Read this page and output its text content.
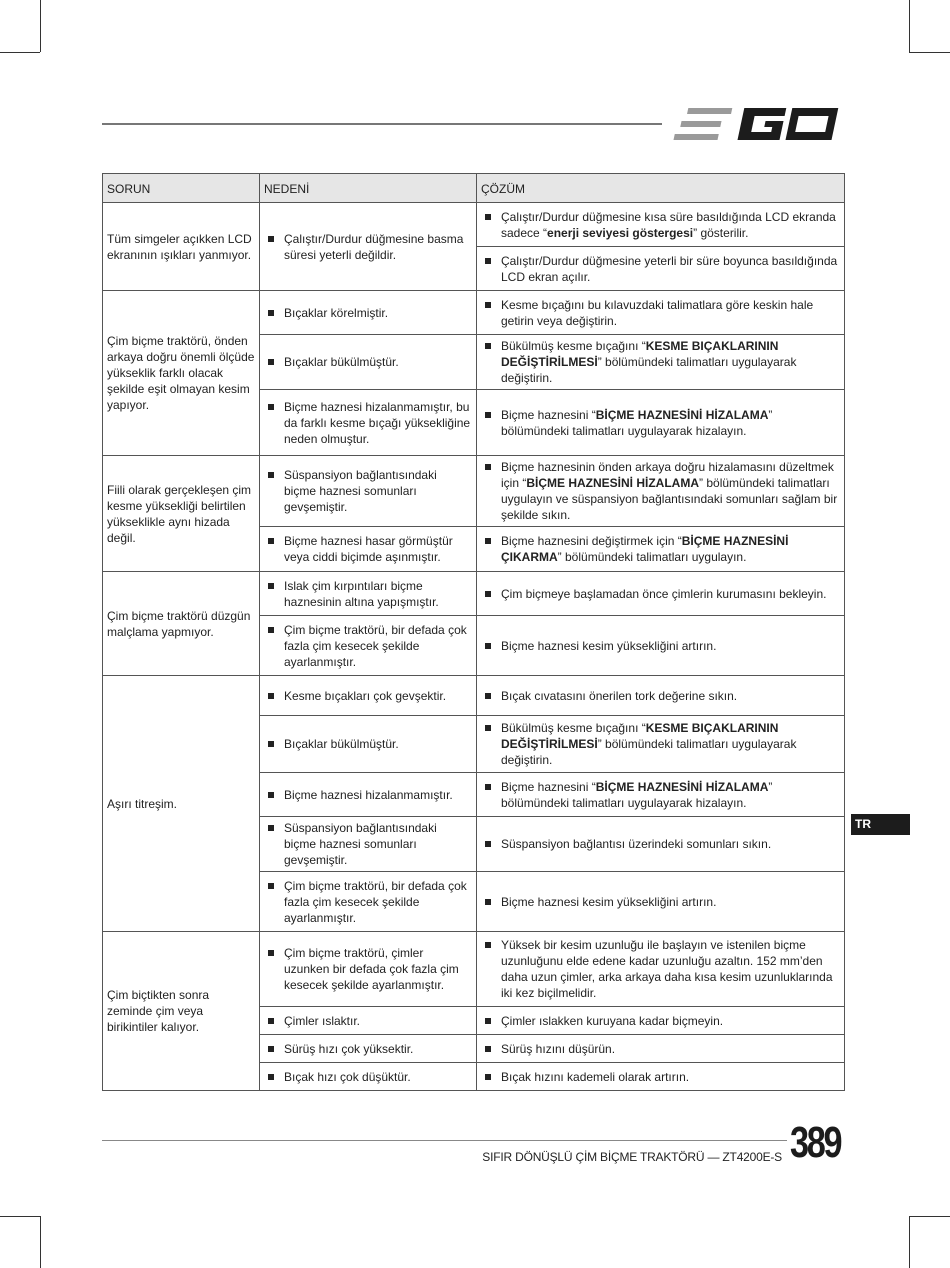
SORUN	NEDENİ	ÇÖZÜM
Tüm simgeler açıkken LCD ekranının ışıkları yanmıyor.	Çalıştır/Durdur düğmesine basma süresi yeterli değildir.	Çalıştır/Durdur düğmesine kısa süre basıldığında LCD ekranda sadece “enerji seviyesi göstergesi” gösterilir.

		Çalıştır/Durdur düğmesine yeterli bir süre boyunca basıldığında LCD ekran açılır.

Çim biçme traktörü, önden arkaya doğru önemli ölçüde yükseklik farklı olacak şekilde eşit olmayan kesim yapıyor.	Bıçaklar körelmiştir.	Kesme bıçağını bu kılavuzdaki talimatlara göre keskin hale getirin veya değiştirin.

	Bıçaklar bükülmüştür.	Bükülmüş kesme bıçağını “KESME BIÇAKLARININ DEĞİŞTİRİLMESİ” bölümündeki talimatları uygulayarak değiştirin.

	Biçme haznesi hizalanmamıştır, bu da farklı kesme bıçağı yüksekliğine neden olmuştur.	Biçme haznesini “BİÇME HAZNESİNİ HİZALAMA” bölümündeki talimatları uygulayarak hizalayın.

Fiili olarak gerçekleşen çim kesme yüksekliği belirtilen yükseklikle aynı hizada değil.	Süspansiyon bağlantısındaki biçme haznesi somunları gevşemiştir.	Biçme haznesinin önden arkaya doğru hizalamasını düzeltmek için “BİÇME HAZNESİNİ HİZALAMA” bölümündeki talimatları uygulayın ve süspansiyon bağlantısındaki somunları sağlam bir şekilde sıkın.

	Biçme haznesi hasar görmüştür veya ciddi biçimde aşınmıştır.	Biçme haznesini değiştirmek için “BİÇME HAZNESİNİ ÇIKARMA” bölümündeki talimatları uygulayın.

Çim biçme traktörü düzgün malçlama yapmıyor.	Islak çim kırpıntıları biçme haznesinin altına yapışmıştır.	Çim biçmeye başlamadan önce çimlerin kurumasını bekleyin.

	Çim biçme traktörü, bir defada çok fazla çim kesecek şekilde ayarlanmıştır.	Biçme haznesi kesim yüksekliğini artırın.

Aşırı titreşim.	Kesme bıçakları çok gevşektir.	Bıçak cıvatasını önerilen tork değerine sıkın.

	Bıçaklar bükülmüştür.	Bükülmüş kesme bıçağını “KESME BIÇAKLARININ DEĞİŞTİRİLMESİ” bölümündeki talimatları uygulayarak değiştirin.

	Biçme haznesi hizalanmamıştır.	Biçme haznesini “BİÇME HAZNESİNİ HİZALAMA” bölümündeki talimatları uygulayarak hizalayın.

	Süspansiyon bağlantısındaki biçme haznesi somunları gevşemiştir.	Süspansiyon bağlantısı üzerindeki somunları sıkın.

	Çim biçme traktörü, bir defada çok fazla çim kesecek şekilde ayarlanmıştır.	Biçme haznesi kesim yüksekliğini artırın.

Çim biçtikten sonra zeminde çim veya birikintiler kalıyor.	Çim biçme traktörü, çimler uzunken bir defada çok fazla çim kesecek şekilde ayarlanmıştır.	Yüksek bir kesim uzunluğu ile başlayın ve istenilen biçme uzunluğunu elde edene kadar uzunluğu azaltın. 152 mm’den daha uzun çimler, arka arkaya daha kısa kesim uzunluklarında iki kez biçilmelidir.

	Çimler ıslaktır.	Çimler ıslakken kuruyana kadar biçmeyin.

	Sürüş hızı çok yüksektir.	Sürüş hızını düşürün.

	Bıçak hızı çok düşüktür.	Bıçak hızını kademeli olarak artırın.
TR
SIFIR DÖNÜŞLÜ ÇİM BİÇME TRAKTÖRÜ — ZT4200E-S 389
